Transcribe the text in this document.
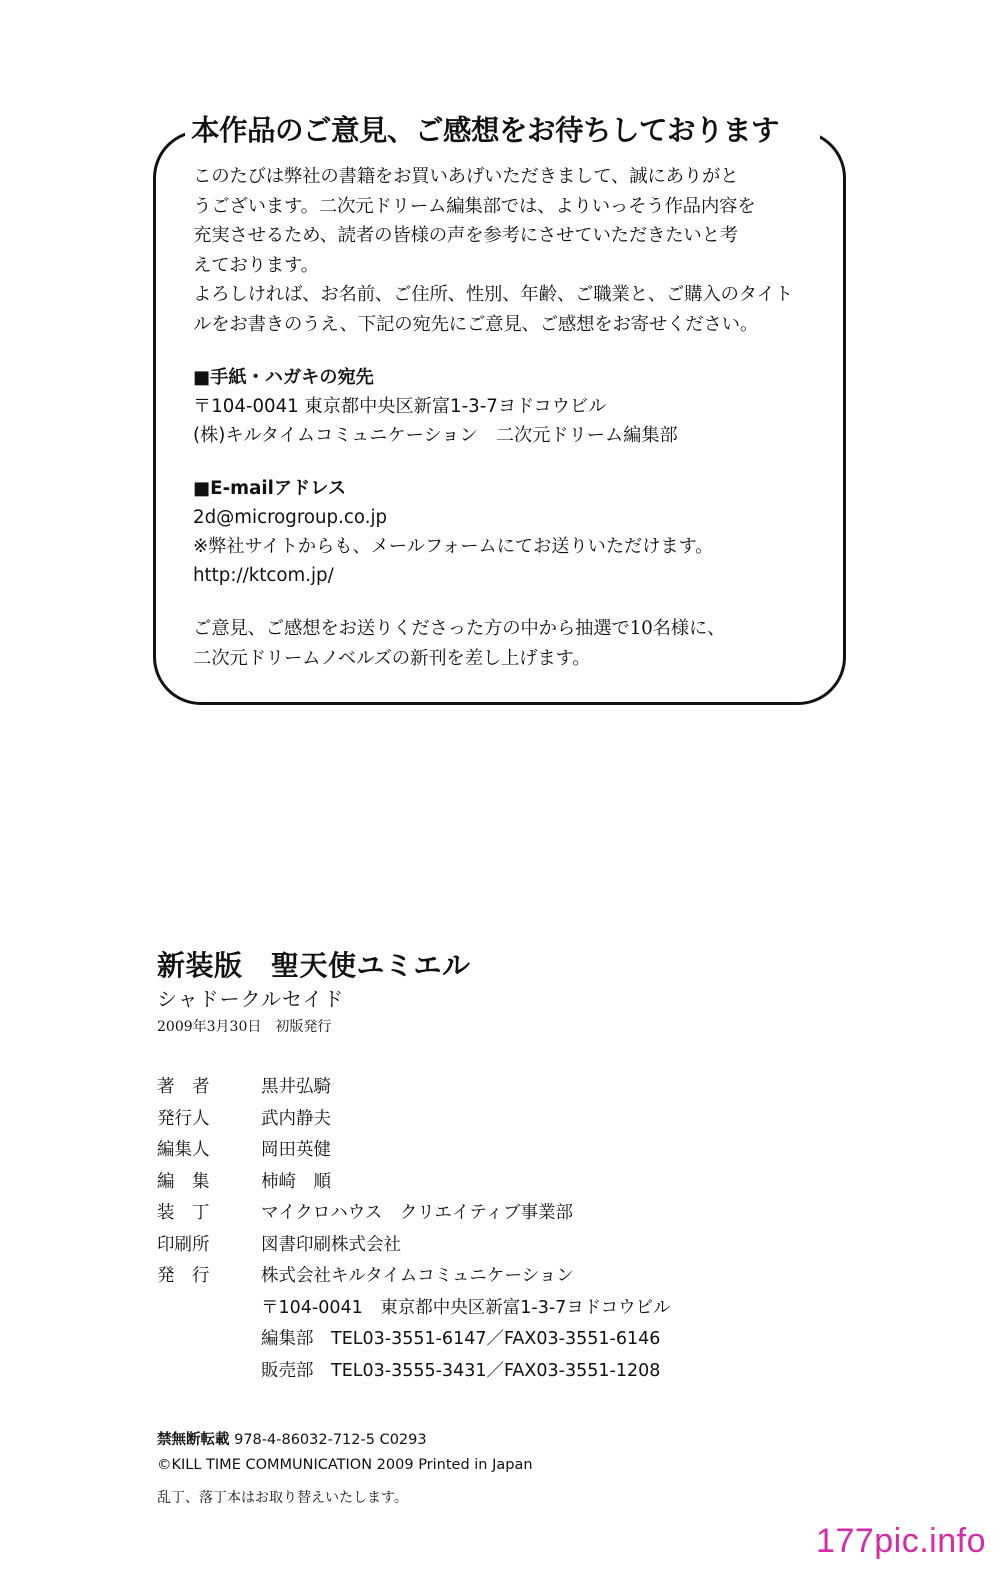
本作品のご意見、ご感想をお待ちしております

このたびは弊社の書籍をお買いあげいただきまして、誠にありがと

うございます。二次元ドリーム編集部では、よりいっそう作品内容を

充実させるため、読者の皆様の声を参考にさせていただきたいと考

えております。

よろしければ、お名前、ご住所、性別、年齢、ご職業と、ご購入のタイト

ルをお書きのうえ、下記の宛先にご意見、ご感想をお寄せください。

■手紙・ハガキの宛先

〒104-0041 東京都中央区新富1-3-7ヨドコウビル

(株)キルタイムコミュニケーション　二次元ドリーム編集部

■E-mailアドレス

2d@microgroup.co.jp

※弊社サイトからも、メールフォームにてお送りいただけます。

http://ktcom.jp/

ご意見、ご感想をお送りくださった方の中から抽選で10名様に、

二次元ドリームノベルズの新刊を差し上げます。

新装版　聖天使ユミエル
シャドークルセイド
2009年3月30日　初版発行
著　者	黒井弘騎
発行人	武内静夫
編集人	岡田英健
編　集	柿崎　順
装　丁	マイクロハウス　クリエイティブ事業部
印刷所	図書印刷株式会社
発　行	株式会社キルタイムコミュニケーション
〒104-0041　東京都中央区新富1-3-7ヨドコウビル
編集部　TEL03-3551-6147／FAX03-3551-6146
販売部　TEL03-3555-3431／FAX03-3551-1208

禁無断転載 978-4-86032-712-5 C0293

©KILL TIME COMMUNICATION 2009 Printed in Japan

乱丁、落丁本はお取り替えいたします。

177pic.info
